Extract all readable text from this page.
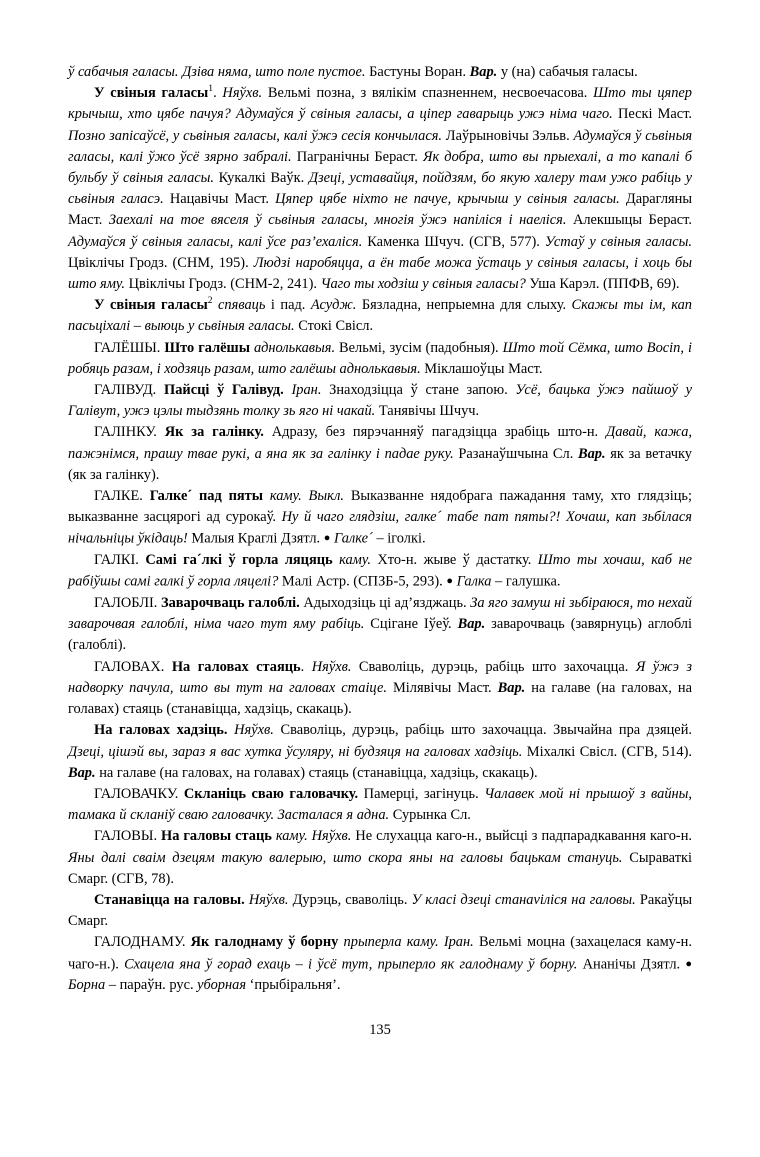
ў сабачыя галасы. Дзіва няма, што поле пустое. Бастуны Воран. Вар. у (на) сабачыя галасы.

У свіныя галасы$^1$. Няўхв. Вельмі позна, з вялікім спазненнем, несвоечасова. Што ты цяпер крычыш, хто цябе пачуя? Адумаўся ў свіныя галасы, а ціпер гаварыць ужэ німа чаго. Пескі Маст. Позно запісаўсё, у сьвіныя галасы, калі ўжэ сесія кончылася. Лаўрыновічы Зэльв. Адумаўся ў сьвіныя галасы, калі ўжо ўсё зярно забралі. Пагранічны Бераст. Як добра, што вы прыехалі, а то капалі б бульбу ў свіныя галасы. Кукалкі Ваўк. Дзеці, уставайця, пойдзям, бо якую халеру там ужо рабіць у сьвіныя галасэ. Нацавічы Маст. Цяпер цябе ніхто не пачуе, крычыш у свіныя галасы. Дарагляны Маст. Заехалі на тое вяселя ў сьвіныя галасы, многія ўжэ напіліся і наеліся. Алекшыцы Бераст. Адумаўся ў свіныя галасы, калі ўсе раз’ехаліся. Каменка Шчуч. (СГВ, 577). Устаў у свіныя галасы. Цвіклічы Гродз. (СНМ, 195). Людзі наробяцца, а ён табе можа ўстаць у свіныя галасы, і хоць бы што яму. Цвіклічы Гродз. (СНМ-2, 241). Чаго ты ходзіш у свіныя галасы? Уша Карэл. (ППФВ, 69).

У свіныя галасы$^2$ спяваць і пад. Асудж. Бязладна, непрыемна для слыху. Скажы ты ім, кап пасьціхалі – выюць у сьвіныя галасы. Стокі Свісл.

ГАЛЁШЫ. Што галёшы аднолькавыя. Вельмі, зусім (падобныя). Што той Сёмка, што Восіп, і робяць разам, і ходзяць разам, што галёшы аднолькавыя. Міклашоўцы Маст.

ГАЛІВУД. Пайсці ў Галівуд. Іран. Знаходзіцца ў стане запою. Усё, бацька ўжэ пайшоў у Галівут, ужэ цэлы тыдзянь толку зь яго ні чакай. Танявічы Шчуч.

ГАЛІНКУ. Як за галінку. Адразу, без пярэчанняў пагадзіцца зрабіць што-н. Давай, кажа, пажэнімся, прашу твае рукі, а яна як за галінку і падае руку. Разанаўшчына Сл. Вар. як за ветачку (як за галінку).

ГАЛКЕ. Галке´ пад пяты каму. Выкл. Выказванне нядобрага пажадання таму, хто глядзіць; выказванне засцярогі ад сурокаў. Ну й чаго глядзіш, галке´ табе пат пяты?! Хочаш, кап зьбілася нічальніцы ўкідаць! Малыя Краглі Дзятл. ● Галке´ – іголкі.

ГАЛКІ. Самі га´лкі ў горла ляцяць каму. Хто-н. жыве ў дастатку. Што ты хочаш, каб не рабіўшы самі галкі ў горла ляцелі? Малі Астр. (СПЗБ-5, 293). ● Галка – галушка.

ГАЛОБЛІ. Заварочваць галоблі. Адыходзіць ці ад’язджаць. За яго замуш ні зьбіраюся, то нехай заварочвая галоблі, німа чаго тут яму рабіць. Сцігане Іўеў. Вар. заварочваць (завярнуць) аглоблі (галоблі).

ГАЛОВАХ. На галовах стаяць. Няўхв. Сваволіць, дурэць, рабіць што захочацца. Я ўжэ з надворку пачула, што вы тут на галовах стаіце. Мілявічы Маст. Вар. на галаве (на галовах, на голавах) стаяць (станавіцца, хадзіць, скакаць).

На галовах хадзіць. Няўхв. Сваволіць, дурэць, рабіць што захочацца. Звычайна пра дзяцей. Дзеці, цішэй вы, зараз я вас хутка ўсуляру, ні будзяця на галовах хадзіць. Міхалкі Свісл. (СГВ, 514). Вар. на галаве (на галовах, на голавах) стаяць (станавіцца, хадзіць, скакаць).

ГАЛОВАЧКУ. Скланіць сваю галовачку. Памерці, загінуць. Чалавек мой ні прышоў з вайны, тамака й скланіў сваю галовачку. Засталася я адна. Сурынка Сл.

ГАЛОВЫ. На галовы стаць каму. Няўхв. Не слухацца каго-н., выйсці з падпарадкавання каго-н. Яны далі сваім дзецям такую валерыю, што скора яны на галовы бацькам стануць. Сыраваткі Смарг. (СГВ, 78).

Станавіцца на галовы. Няўхв. Дурэць, сваволіць. У класі дзеці станаviліся на галовы. Ракаўцы Смарг.

ГАЛОДНАМУ. Як галоднаму ў борну прыперла каму. Іран. Вельмі моцна (захацелася каму-н. чаго-н.). Схацела яна ў горад ехаць – і ўсё тут, прыперло як галоднаму ў борну. Ананічы Дзятл. ● Борна – параўн. рус. уборная ‘прыбіральня’.

135
